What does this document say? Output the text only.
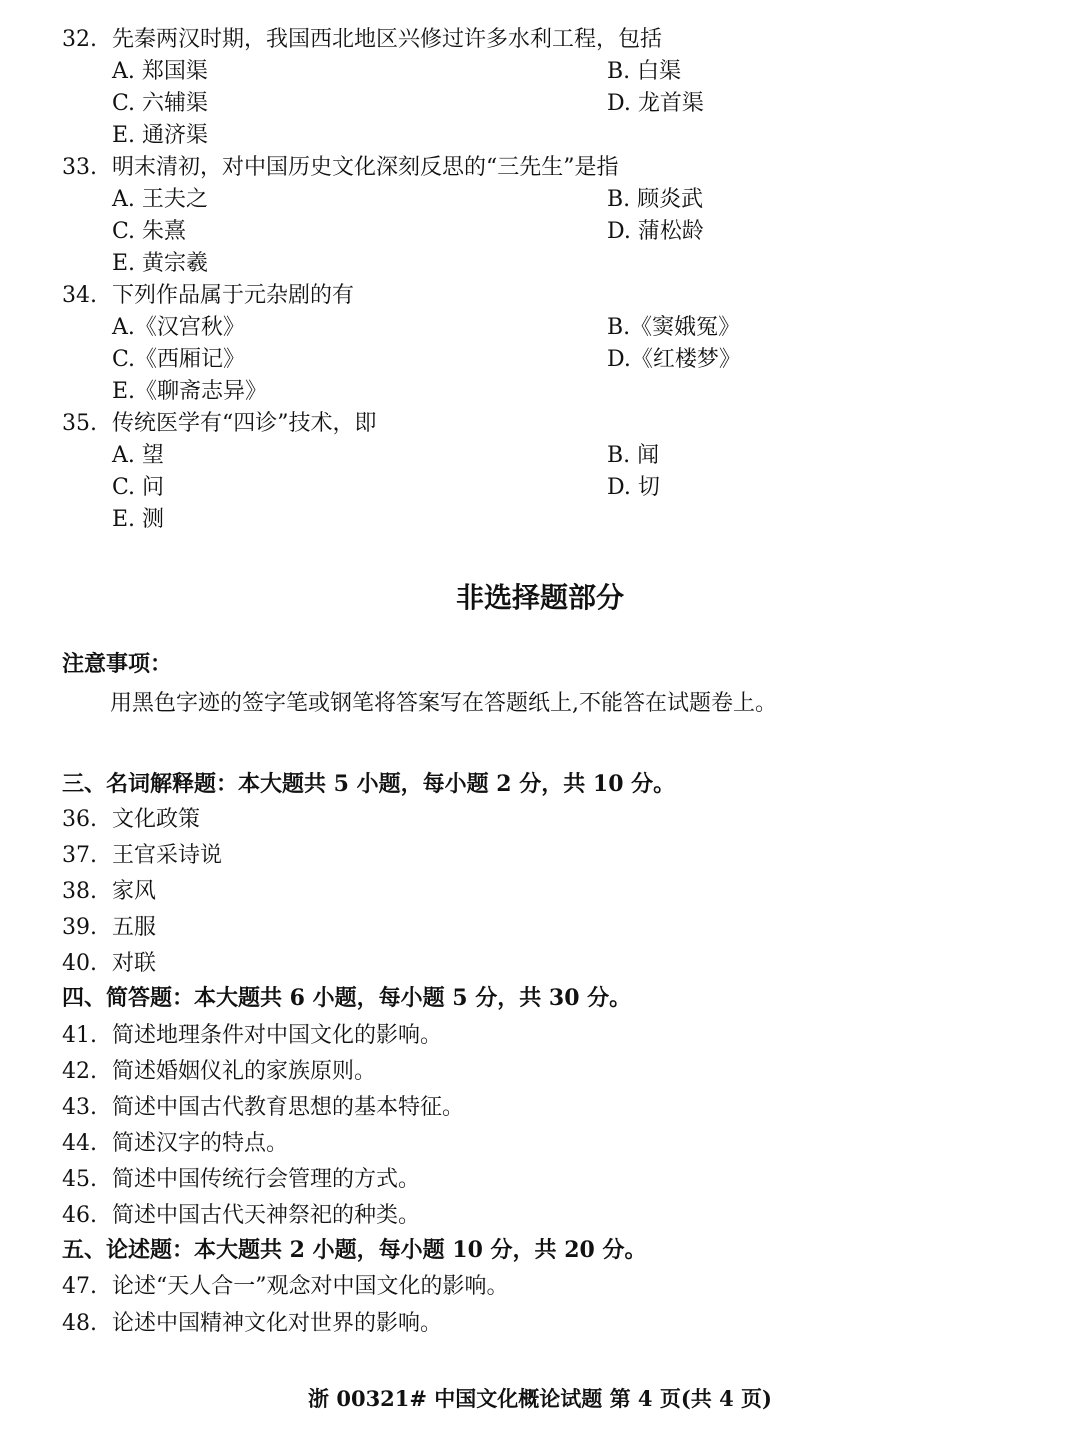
32. 先秦两汉时期，我国西北地区兴修过许多水利工程，包括
A. 郑国渠	B. 白渠
C. 六辅渠	D. 龙首渠
E. 通济渠
33. 明末清初，对中国历史文化深刻反思的“三先生”是指
A. 王夫之	B. 顾炎武
C. 朱熹	D. 蒲松龄
E. 黄宗羲
34. 下列作品属于元杂剧的有
A.《汉宫秋》	B.《窦娥冤》
C.《西厢记》	D.《红楼梦》
E.《聊斋志异》
35. 传统医学有“四诊”技术，即
A. 望	B. 闻
C. 问	D. 切
E. 测
非选择题部分
注意事项：
用黑色字迹的签字笔或钢笔将答案写在答题纸上,不能答在试题卷上。
三、名词解释题：本大题共 5 小题，每小题 2 分，共 10 分。
36. 文化政策
37. 王官采诗说
38. 家风
39. 五服
40. 对联
四、简答题：本大题共 6 小题，每小题 5 分，共 30 分。
41. 简述地理条件对中国文化的影响。
42. 简述婚姻仪礼的家族原则。
43. 简述中国古代教育思想的基本特征。
44. 简述汉字的特点。
45. 简述中国传统行会管理的方式。
46. 简述中国古代天神祭祀的种类。
五、论述题：本大题共 2 小题，每小题 10 分，共 20 分。
47. 论述“天人合一”观念对中国文化的影响。
48. 论述中国精神文化对世界的影响。
浙 00321# 中国文化概论试题 第 4 页(共 4 页)
